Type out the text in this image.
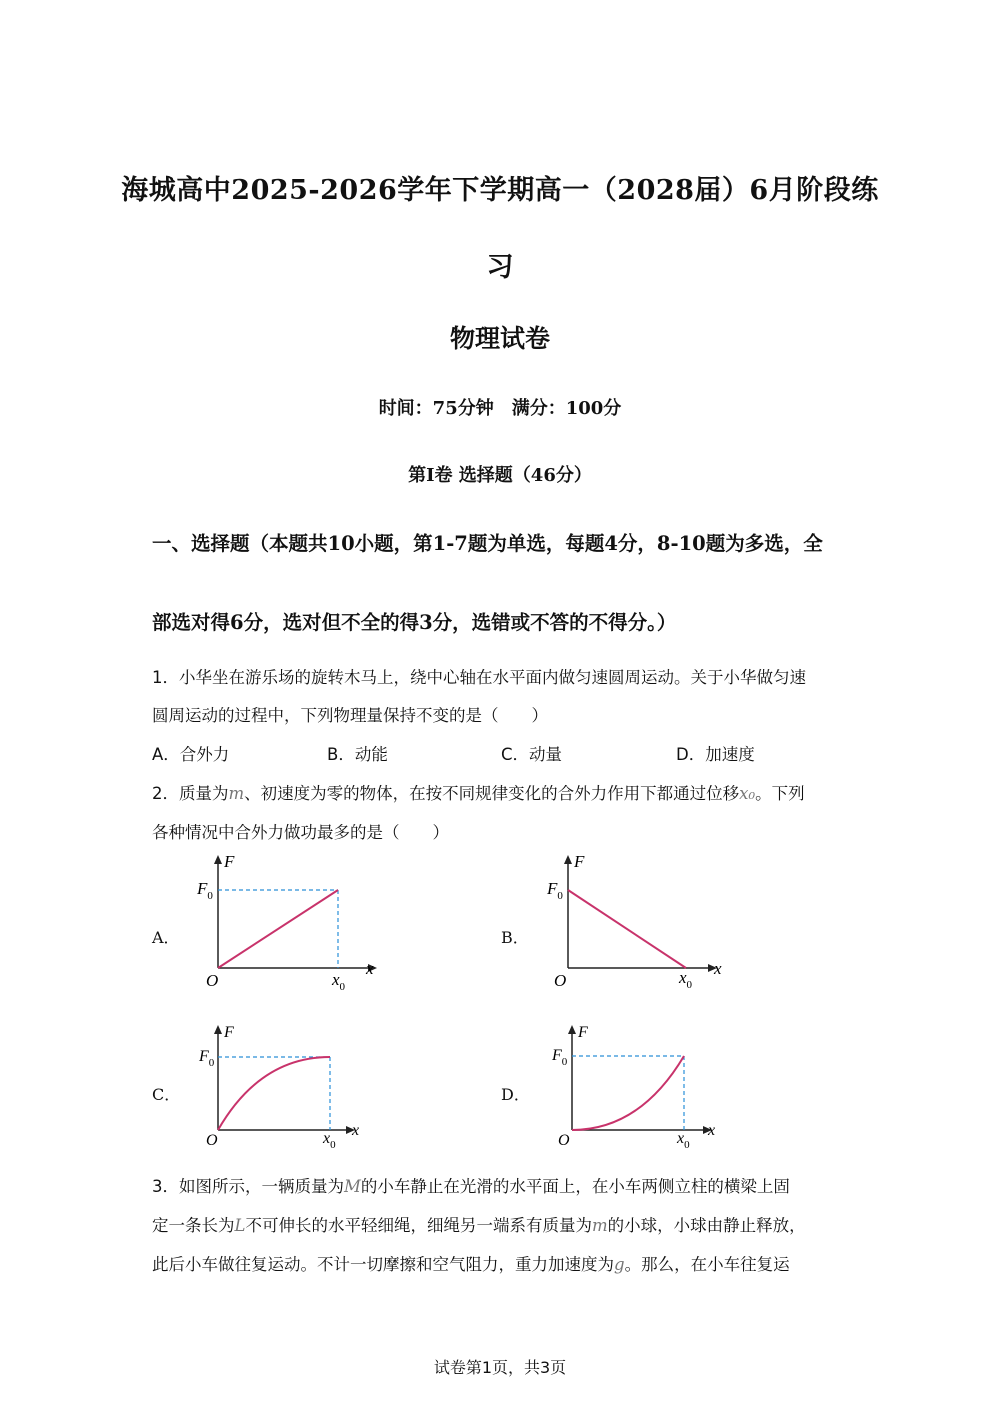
海城高中2025-2026学年下学期高一（2028届）6月阶段练
习
物理试卷
时间：75分钟　满分：100分
第Ⅰ卷 选择题（46分）
一、选择题（本题共10小题，第1-7题为单选，每题4分，8-10题为多选，全
部选对得6分，选对但不全的得3分，选错或不答的不得分。）
1．小华坐在游乐场的旋转木马上，绕中心轴在水平面内做匀速圆周运动。关于小华做匀速
圆周运动的过程中，下列物理量保持不变的是（　　）
A．合外力	B．动能	C．动量	D．加速度
2．质量为m、初速度为零的物体，在按不同规律变化的合外力作用下都通过位移x₀。下列
各种情况中合外力做功最多的是（　　）
A．	B．
C．	D．
F
$F_0$
x
$x_0$
O
F
$F_0$
x
$x_0$
O
F
$F_0$
x
$x_0$
O
F
$F_0$
x
$x_0$
O
3．如图所示，一辆质量为M的小车静止在光滑的水平面上，在小车两侧立柱的横梁上固
定一条长为L不可伸长的水平轻细绳，细绳另一端系有质量为m的小球，小球由静止释放，
此后小车做往复运动。不计一切摩擦和空气阻力，重力加速度为g。那么，在小车往复运
试卷第1页，共3页
